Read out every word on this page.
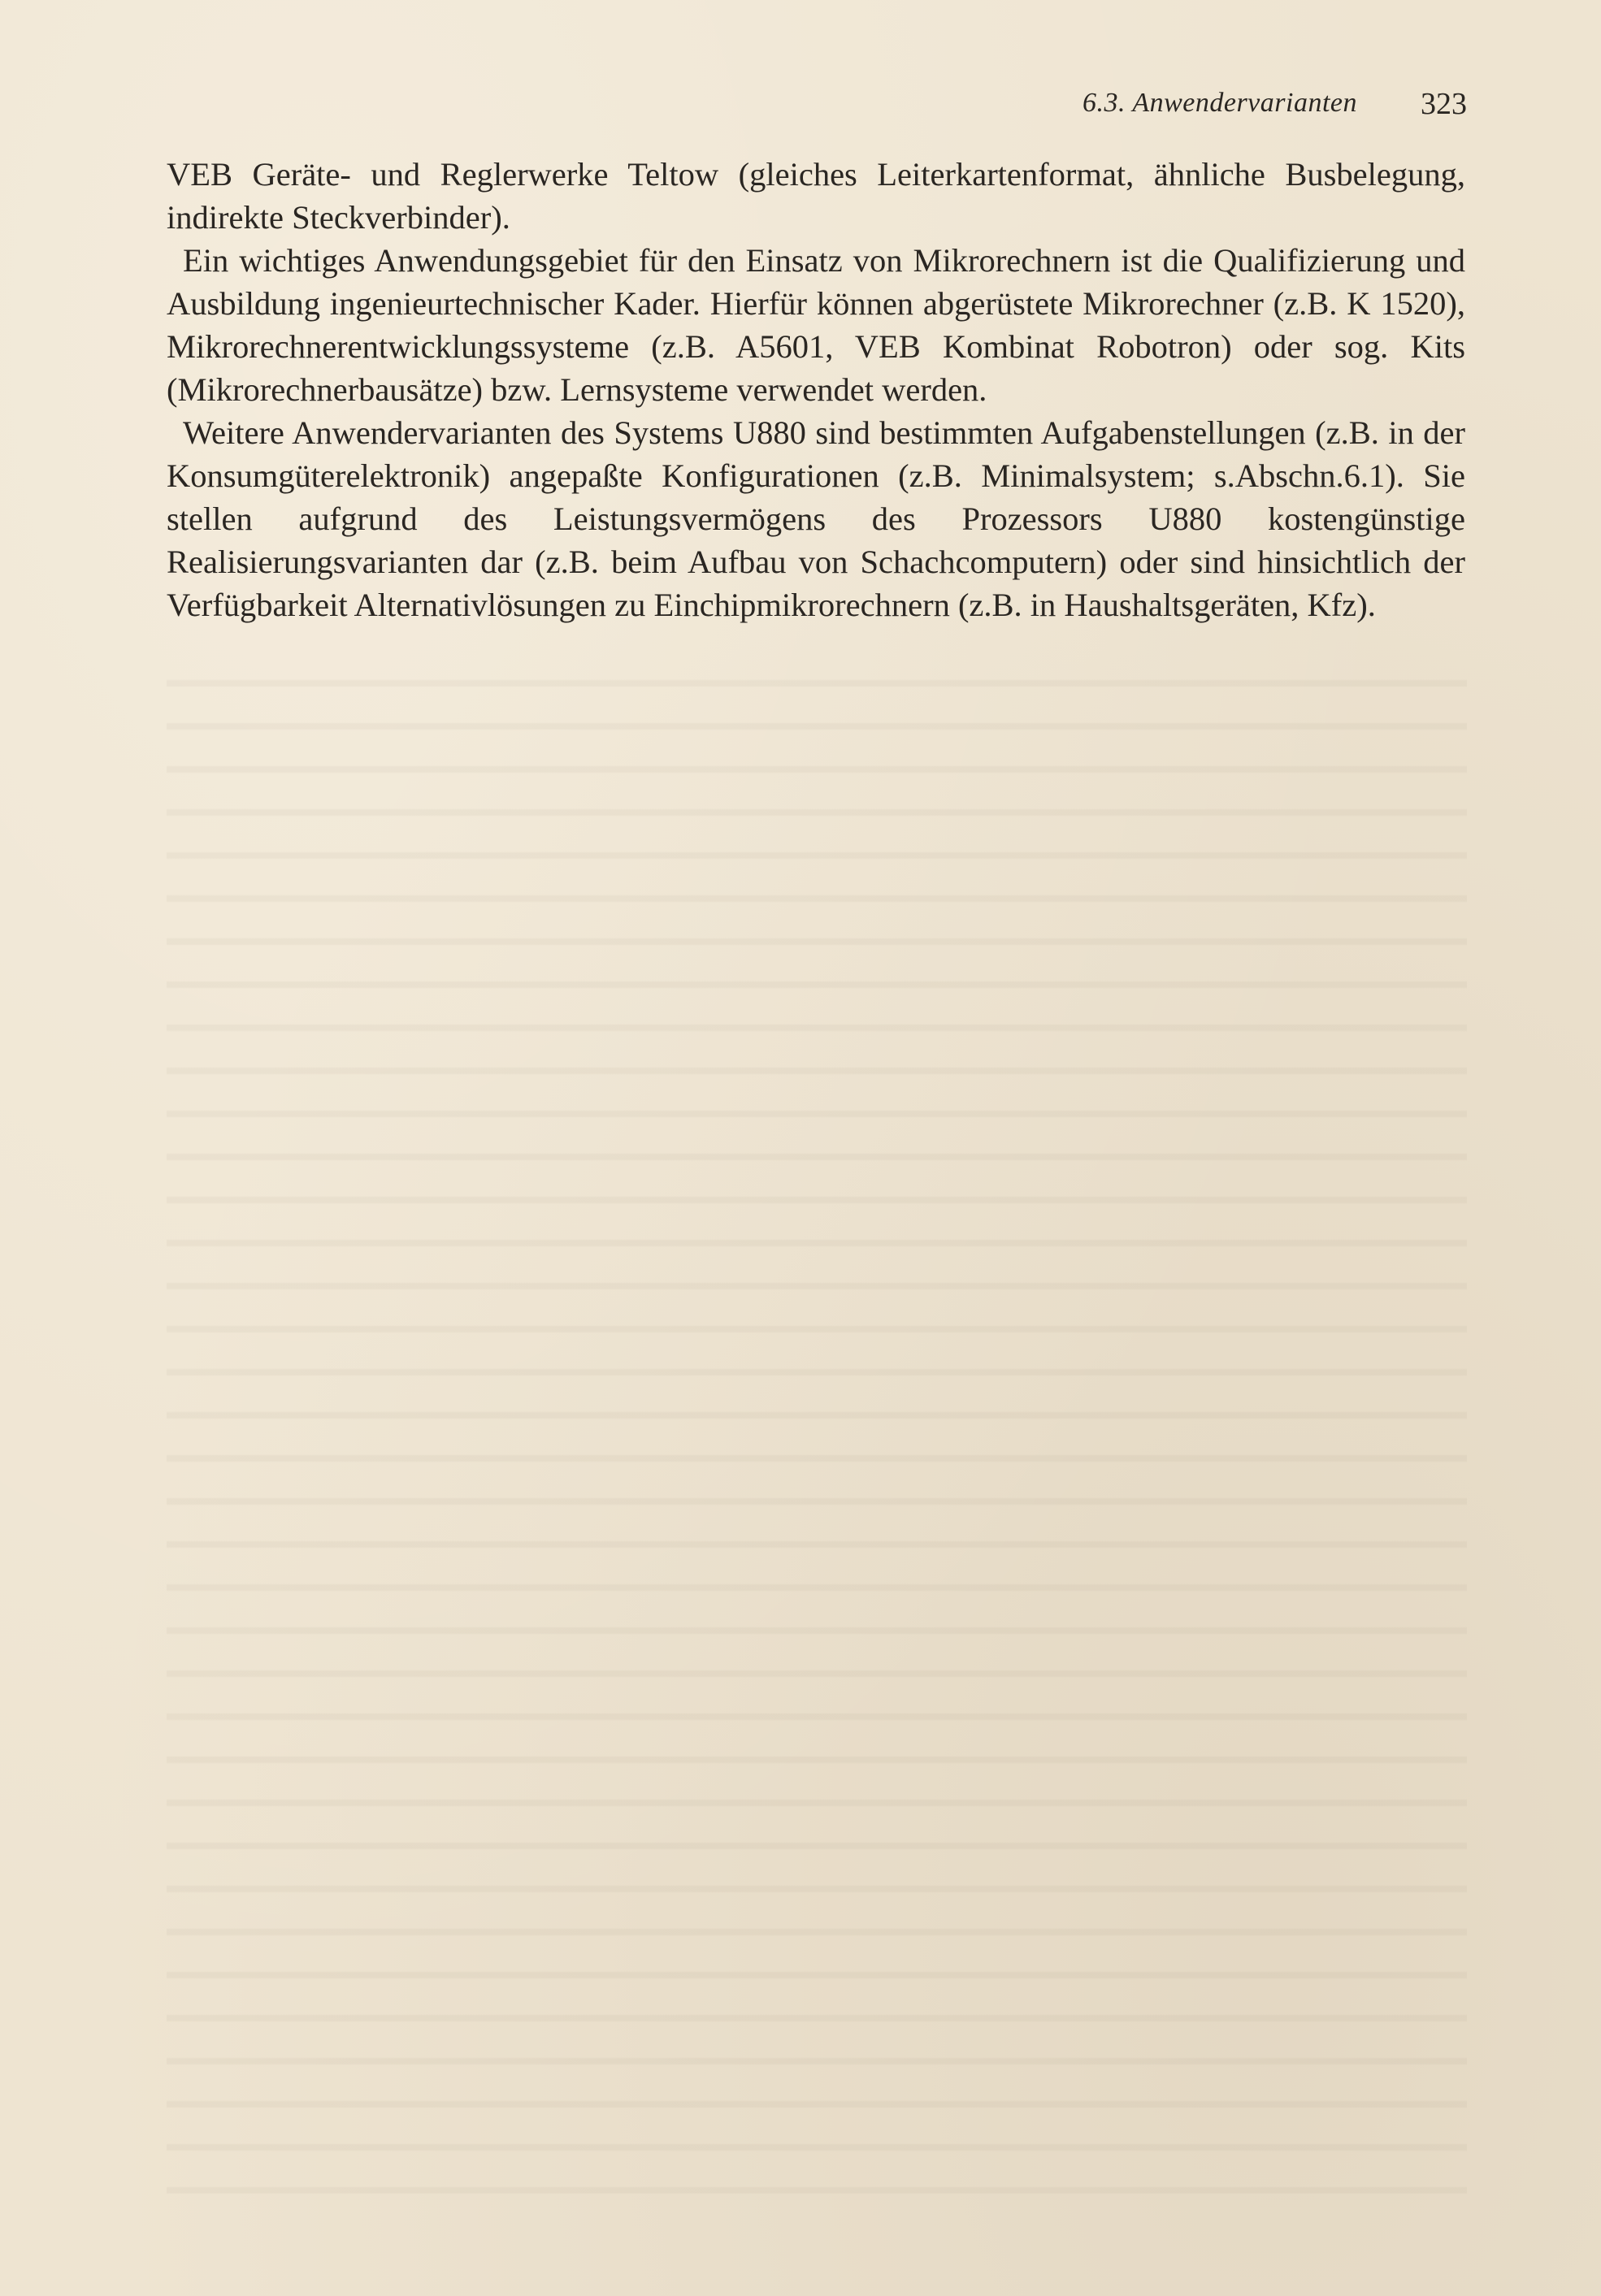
6.3. Anwendervarianten 323

VEB Geräte- und Reglerwerke Teltow (gleiches Leiterkartenformat, ähnliche Busbelegung, indirekte Steckverbinder).

Ein wichtiges Anwendungsgebiet für den Einsatz von Mikrorechnern ist die Qualifizierung und Ausbildung ingenieurtechnischer Kader. Hierfür können abgerüstete Mikrorechner (z.B. K 1520), Mikrorechnerentwicklungssysteme (z.B. A5601, VEB Kombinat Robotron) oder sog. Kits (Mikrorechnerbausätze) bzw. Lernsysteme verwendet werden.

Weitere Anwendervarianten des Systems U880 sind bestimmten Aufgabenstellungen (z.B. in der Konsumgüterelektronik) angepaßte Konfigurationen (z.B. Minimalsystem; s.Abschn.6.1). Sie stellen aufgrund des Leistungsvermögens des Prozessors U880 kostengünstige Realisierungsvarianten dar (z.B. beim Aufbau von Schachcomputern) oder sind hinsichtlich der Verfügbarkeit Alternativlösungen zu Einchipmikrorechnern (z.B. in Haushaltsgeräten, Kfz).
